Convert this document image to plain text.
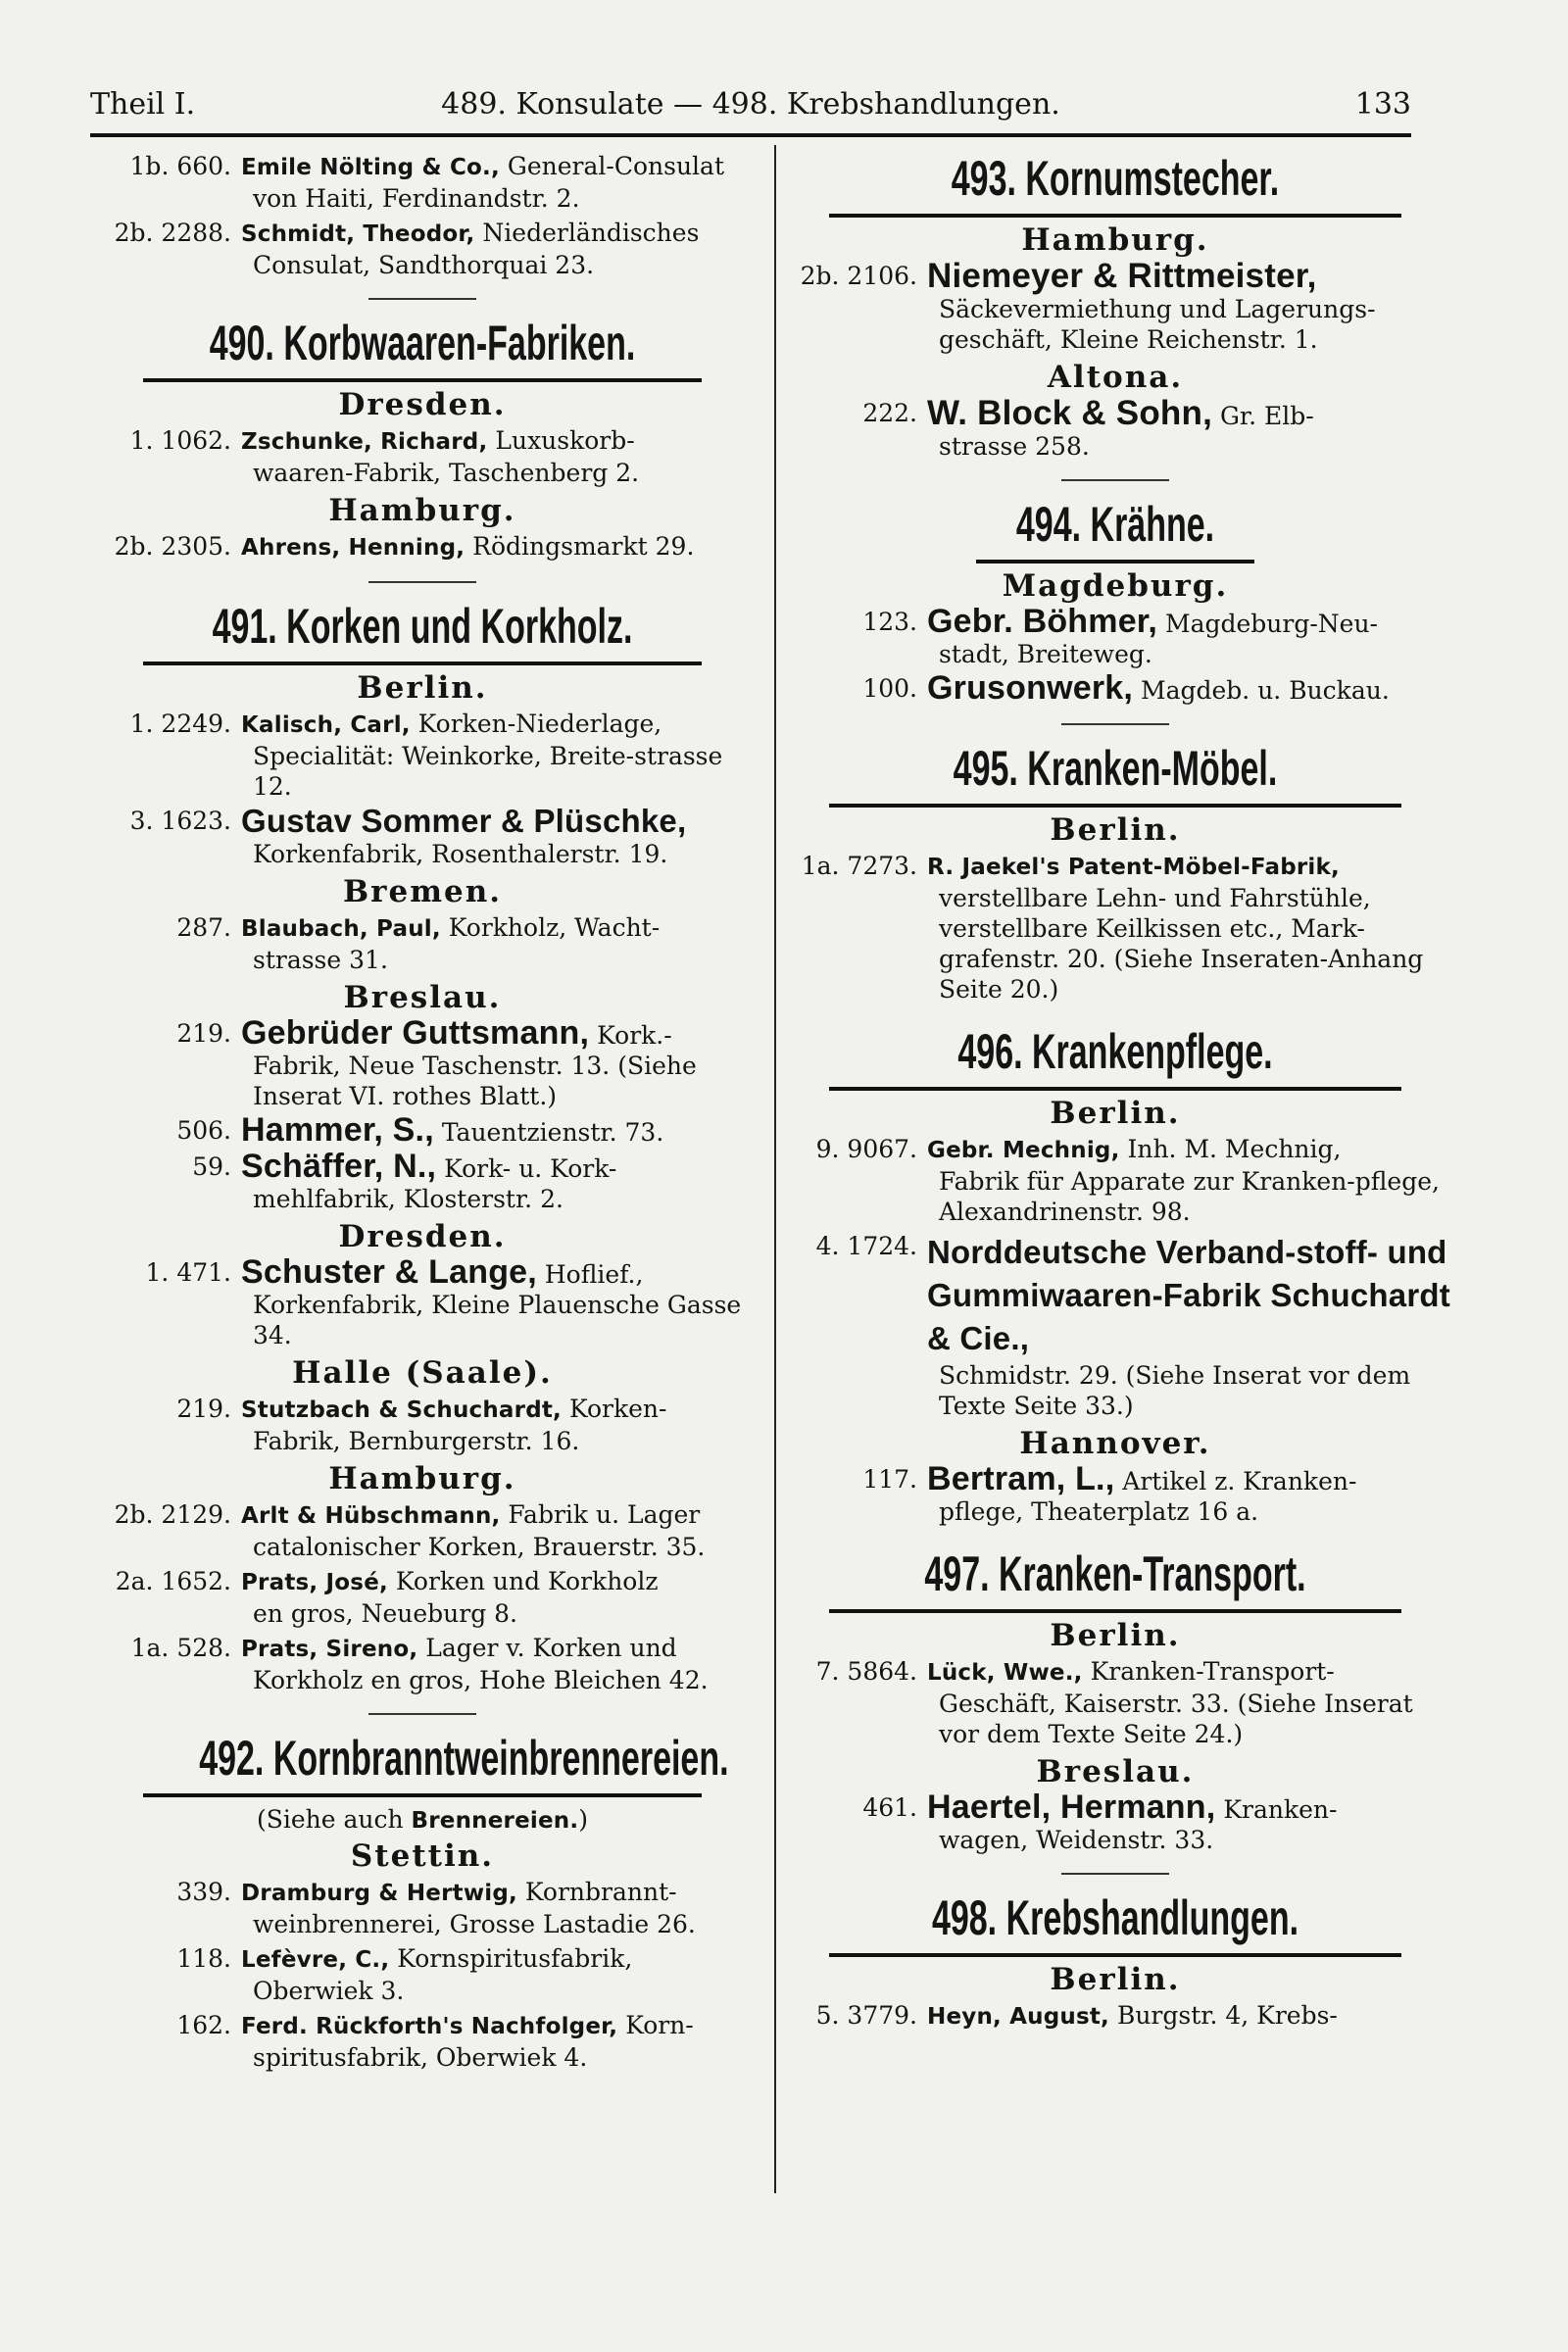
Theil I.	489. Konsulate — 498. Krebshandlungen.	133
1b. 660. Emile Nölting & Co., General-Consulat
von Haiti, Ferdinandstr. 2.
2b. 2288. Schmidt, Theodor, Niederländisches
Consulat, Sandthorquai 23.
490. Korbwaaren-Fabriken.
Dresden.
1. 1062. Zschunke, Richard, Luxuskorb-
waaren-Fabrik, Taschenberg 2.
Hamburg.
2b. 2305. Ahrens, Henning, Rödingsmarkt 29.
491. Korken und Korkholz.
Berlin.
1. 2249. Kalisch, Carl, Korken-Niederlage,
Specialität: Weinkorke, Breite-strasse 12.
3. 1623. Gustav Sommer & Plüschke,
Korkenfabrik, Rosenthalerstr. 19.
Bremen.
287. Blaubach, Paul, Korkholz, Wacht-
strasse 31.
Breslau.
219. Gebrüder Guttsmann, Kork.-
Fabrik, Neue Taschenstr. 13. (Siehe Inserat VI. rothes Blatt.)
506. Hammer, S., Tauentzienstr. 73.
59. Schäffer, N., Kork- u. Kork-
mehlfabrik, Klosterstr. 2.
Dresden.
1. 471. Schuster & Lange, Hoflief.,
Korkenfabrik, Kleine Plauensche Gasse 34.
Halle (Saale).
219. Stutzbach & Schuchardt, Korken-
Fabrik, Bernburgerstr. 16.
Hamburg.
2b. 2129. Arlt & Hübschmann, Fabrik u. Lager
catalonischer Korken, Brauerstr. 35.
2a. 1652. Prats, José, Korken und Korkholz
en gros, Neueburg 8.
1a. 528. Prats, Sireno, Lager v. Korken und
Korkholz en gros, Hohe Bleichen 42.
492. Kornbranntweinbrennereien.
(Siehe auch Brennereien.)
Stettin.
339. Dramburg & Hertwig, Kornbrannt-
weinbrennerei, Grosse Lastadie 26.
118. Lefèvre, C., Kornspiritusfabrik,
Oberwiek 3.
162. Ferd. Rückforth's Nachfolger, Korn-
spiritusfabrik, Oberwiek 4.
493. Kornumstecher.
Hamburg.
2b. 2106. Niemeyer & Rittmeister,
Säckevermiethung und Lagerungs-geschäft, Kleine Reichenstr. 1.
Altona.
222. W. Block & Sohn, Gr. Elb-
strasse 258.
494. Krähne.
Magdeburg.
123. Gebr. Böhmer, Magdeburg-Neu-
stadt, Breiteweg.
100. Grusonwerk, Magdeb. u. Buckau.
495. Kranken-Möbel.
Berlin.
1a. 7273. R. Jaekel's Patent-Möbel-Fabrik,
verstellbare Lehn- und Fahrstühle, verstellbare Keilkissen etc., Mark-grafenstr. 20. (Siehe Inseraten-Anhang Seite 20.)
496. Krankenpflege.
Berlin.
9. 9067. Gebr. Mechnig, Inh. M. Mechnig,
Fabrik für Apparate zur Kranken-pflege, Alexandrinenstr. 98.
4. 1724. Norddeutsche Verband-stoff- und Gummiwaaren-Fabrik Schuchardt & Cie.,
Schmidstr. 29. (Siehe Inserat vor dem Texte Seite 33.)
Hannover.
117. Bertram, L., Artikel z. Kranken-
pflege, Theaterplatz 16 a.
497. Kranken-Transport.
Berlin.
7. 5864. Lück, Wwe., Kranken-Transport-
Geschäft, Kaiserstr. 33. (Siehe Inserat vor dem Texte Seite 24.)
Breslau.
461. Haertel, Hermann, Kranken-
wagen, Weidenstr. 33.
498. Krebshandlungen.
Berlin.
5. 3779. Heyn, August, Burgstr. 4, Krebs-
